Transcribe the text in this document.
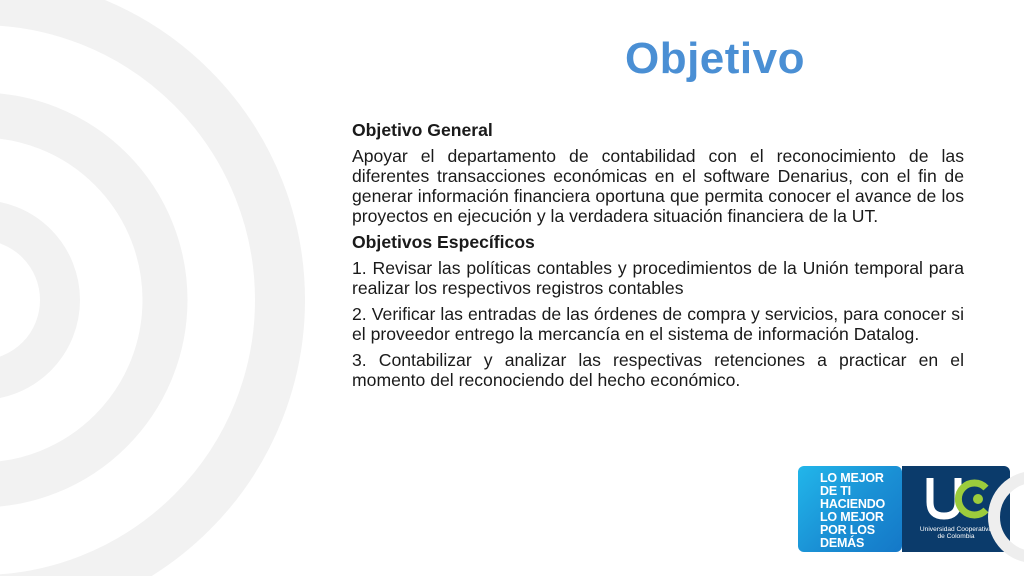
Objetivo
Objetivo General

Apoyar el departamento de contabilidad con el reconocimiento de las diferentes transacciones económicas en el software Denarius, con el fin de generar información financiera oportuna que permita conocer el avance de los proyectos en ejecución y la verdadera situación financiera de la UT.

Objetivos Específicos

1. Revisar las políticas contables y procedimientos de la Unión temporal para realizar los respectivos registros contables

2. Verificar las entradas de las órdenes de compra y servicios, para conocer si el proveedor entrego la mercancía en el sistema de información Datalog.

3. Contabilizar y analizar las respectivas retenciones a practicar en el momento del reconociendo del hecho económico.

LO MEJOR
DE TI
HACIENDO
LO MEJOR
POR LOS
DEMÁS
Universidad Cooperativa
de Colombia
